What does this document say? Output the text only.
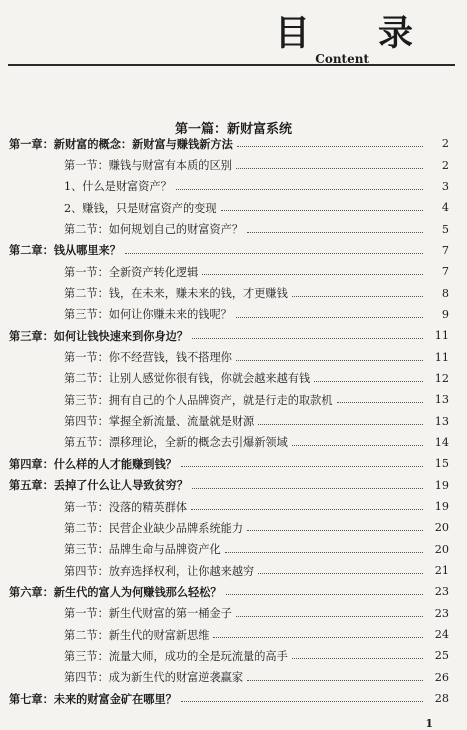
目 录
Content
第一篇：新财富系统
第一章：新财富的概念：新财富与赚钱新方法	2
第一节：赚钱与财富有本质的区别	2
1、什么是财富资产？	3
2、赚钱，只是财富资产的变现	4
第二节：如何规划自己的财富资产？	5
第二章：钱从哪里来？	7
第一节：全新资产转化逻辑	7
第二节：钱，在未来，赚未来的钱，才更赚钱	8
第三节：如何让你赚未来的钱呢？	9
第三章：如何让钱快速来到你身边？	11
第一节：你不经营钱，钱不搭理你	11
第二节：让别人感觉你很有钱，你就会越来越有钱	12
第三节：拥有自己的个人品牌资产，就是行走的取款机	13
第四节：掌握全新流量、流量就是财源	13
第五节：漂移理论，全新的概念去引爆新领域	14
第四章：什么样的人才能赚到钱？	15
第五章：丢掉了什么让人导致贫穷？	19
第一节：没落的精英群体	19
第二节：民营企业缺少品牌系统能力	20
第三节：品牌生命与品牌资产化	20
第四节：放弃选择权利，让你越来越穷	21
第六章：新生代的富人为何赚钱那么轻松？	23
第一节：新生代财富的第一桶金子	23
第二节：新生代的财富新思维	24
第三节：流量大师，成功的全是玩流量的高手	25
第四节：成为新生代的财富逆袭赢家	26
第七章：未来的财富金矿在哪里？	28
1
